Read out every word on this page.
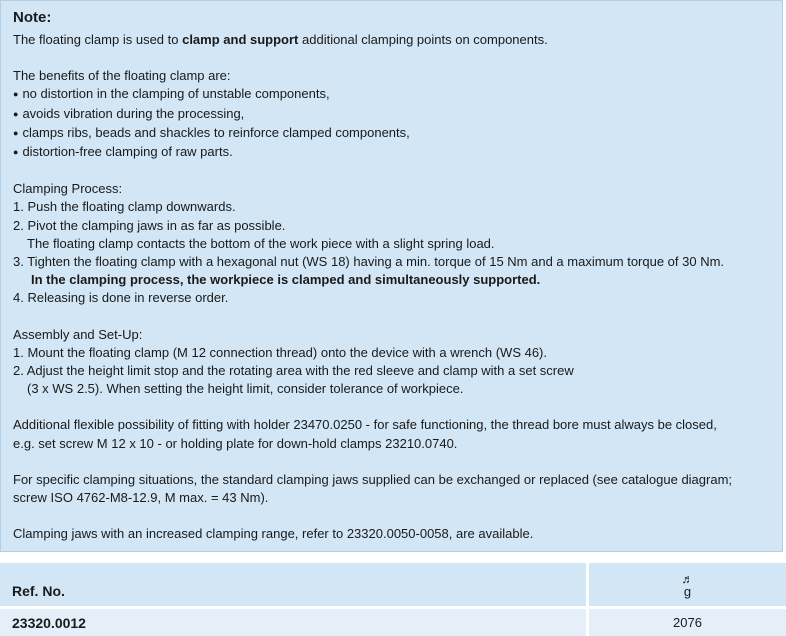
Note:
The floating clamp is used to clamp and support additional clamping points on components.
The benefits of the floating clamp are:
● no distortion in the clamping of unstable components,
● avoids vibration during the processing,
● clamps ribs, beads and shackles to reinforce clamped components,
● distortion-free clamping of raw parts.
Clamping Process:
1. Push the floating clamp downwards.
2. Pivot the clamping jaws in as far as possible.
The floating clamp contacts the bottom of the work piece with a slight spring load.
3. Tighten the floating clamp with a hexagonal nut (WS 18) having a min. torque of 15 Nm and a maximum torque of 30 Nm.
In the clamping process, the workpiece is clamped and simultaneously supported.
4. Releasing is done in reverse order.
Assembly and Set-Up:
1. Mount the floating clamp (M 12 connection thread) onto the device with a wrench (WS 46).
2. Adjust the height limit stop and the rotating area with the red sleeve and clamp with a set screw
(3 x WS 2.5). When setting the height limit, consider tolerance of workpiece.
Additional flexible possibility of fitting with holder 23470.0250 - for safe functioning, the thread bore must always be closed,
e.g. set screw M 12 x 10 - or holding plate for down-hold clamps 23210.0740.
For specific clamping situations, the standard clamping jaws supplied can be exchanged or replaced (see catalogue diagram;
screw ISO 4762-M8-12.9, M max. = 43 Nm).
Clamping jaws with an increased clamping range, refer to 23320.0050-0058, are available.
Ref. No.
♬
g
23320.0012	2076
